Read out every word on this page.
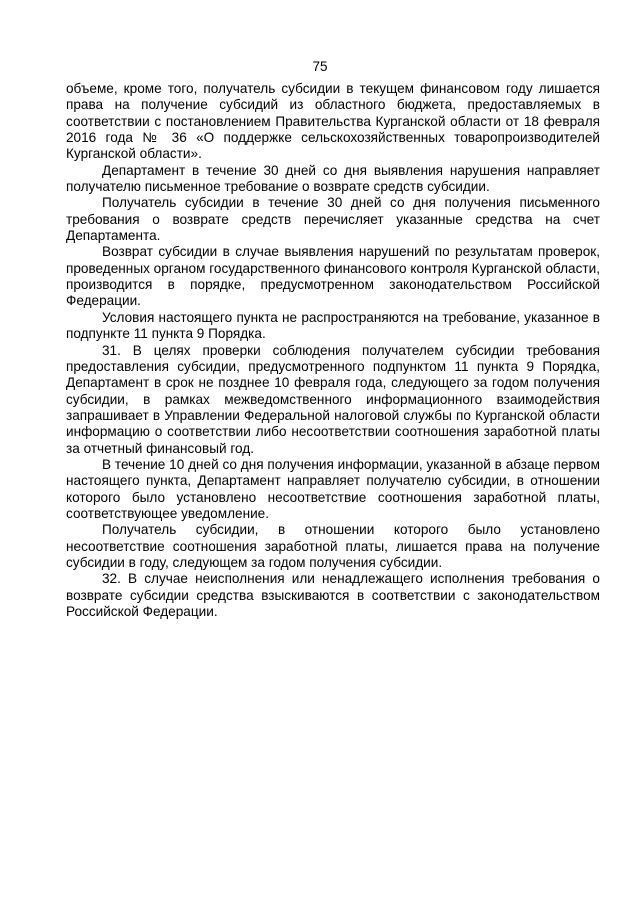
75

объеме, кроме того, получатель субсидии в текущем финансовом году лишается права на получение субсидий из областного бюджета, предоставляемых в соответствии с постановлением Правительства Курганской области от 18 февраля 2016 года № 36 «О поддержке сельскохозяйственных товаропроизводителей Курганской области».

Департамент в течение 30 дней со дня выявления нарушения направляет получателю письменное требование о возврате средств субсидии.

Получатель субсидии в течение 30 дней со дня получения письменного требования о возврате средств перечисляет указанные средства на счет Департамента.

Возврат субсидии в случае выявления нарушений по результатам проверок, проведенных органом государственного финансового контроля Курганской области, производится в порядке, предусмотренном законодательством Российской Федерации.

Условия настоящего пункта не распространяются на требование, указанное в подпункте 11 пункта 9 Порядка.

31. В целях проверки соблюдения получателем субсидии требования предоставления субсидии, предусмотренного подпунктом 11 пункта 9 Порядка, Департамент в срок не позднее 10 февраля года, следующего за годом получения субсидии, в рамках межведомственного информационного взаимодействия запрашивает в Управлении Федеральной налоговой службы по Курганской области информацию о соответствии либо несоответствии соотношения заработной платы за отчетный финансовый год.

В течение 10 дней со дня получения информации, указанной в абзаце первом настоящего пункта, Департамент направляет получателю субсидии, в отношении которого было установлено несоответствие соотношения заработной платы, соответствующее уведомление.

Получатель субсидии, в отношении которого было установлено несоответствие соотношения заработной платы, лишается права на получение субсидии в году, следующем за годом получения субсидии.

32. В случае неисполнения или ненадлежащего исполнения требования о возврате субсидии средства взыскиваются в соответствии с законодательством Российской Федерации.
